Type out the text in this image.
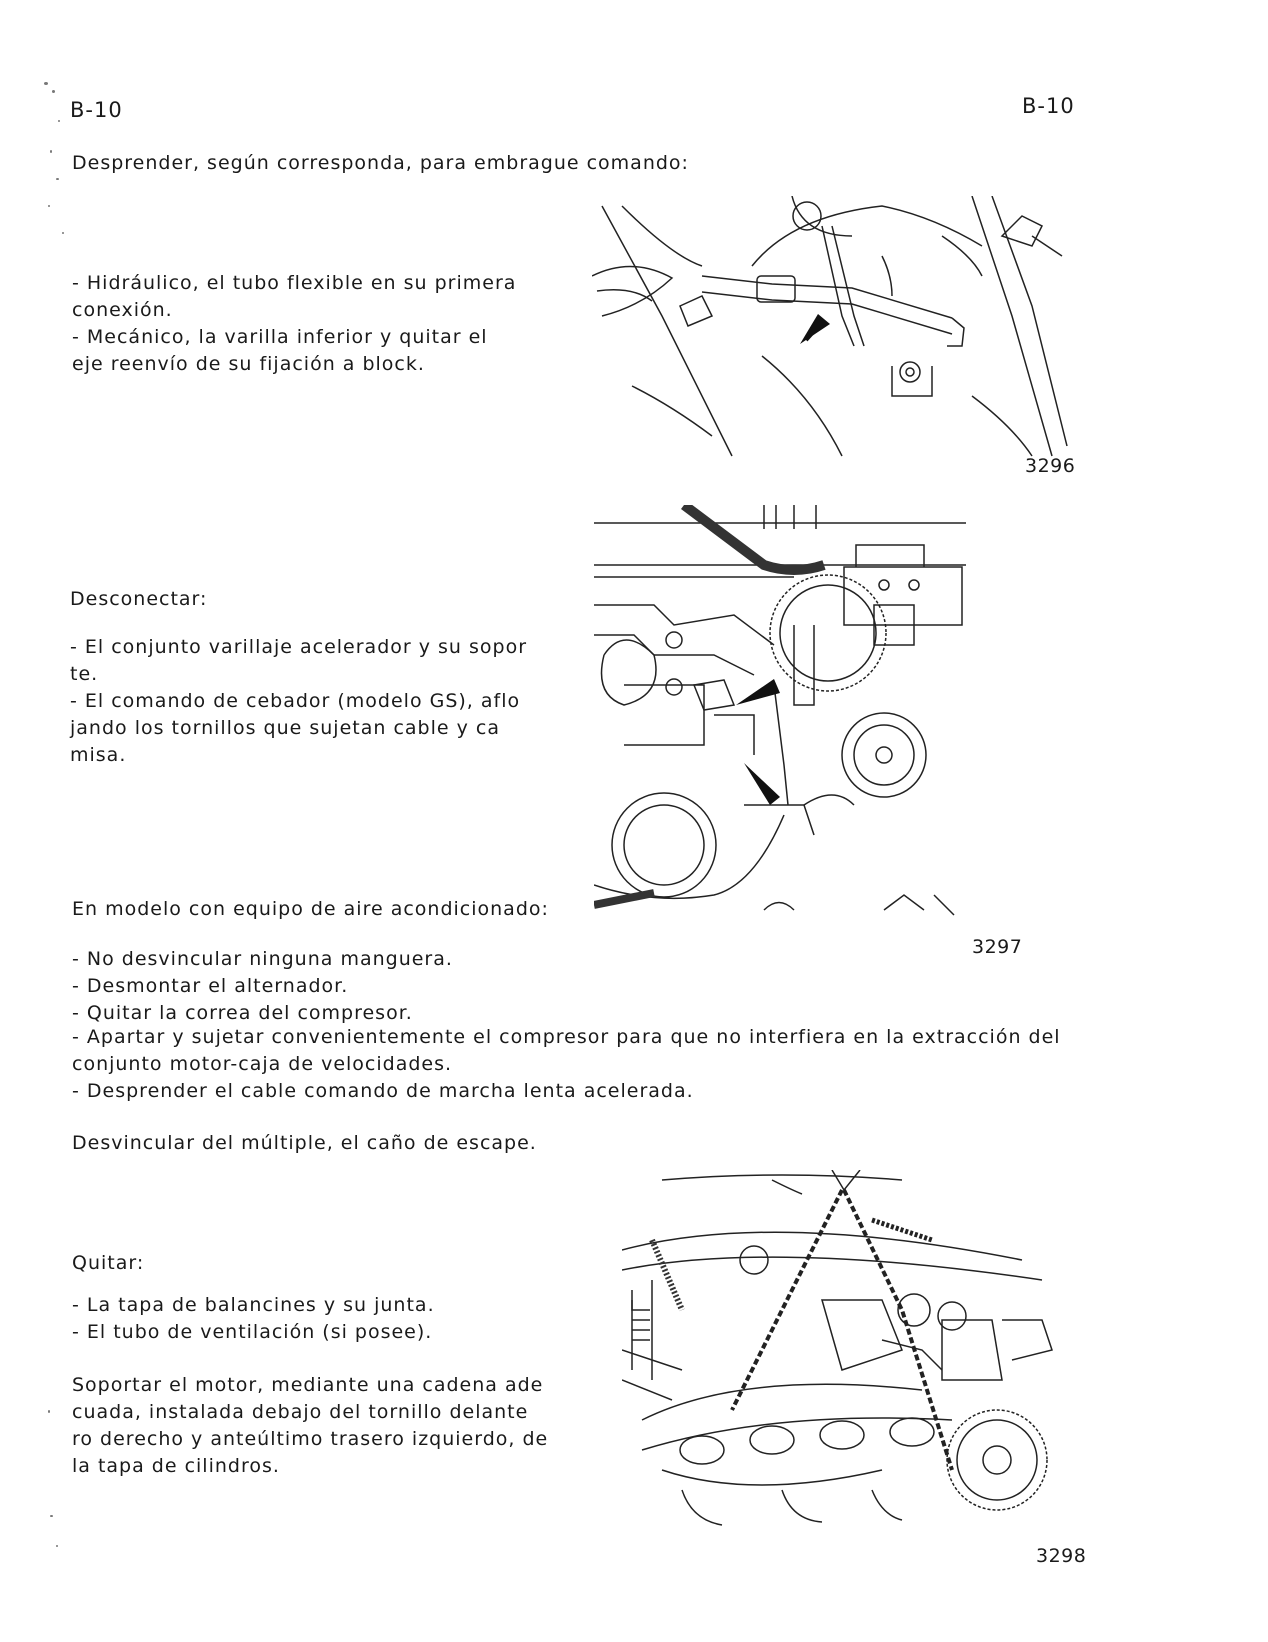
B-10	B-10
Desprender, según corresponda, para embrague comando:
- Hidráulico, el tubo flexible en su primera
conexión.
- Mecánico, la varilla inferior y quitar el
eje reenvío de su fijación a block.
3296
Desconectar:
- El conjunto varillaje acelerador y su sopor
te.
- El comando de cebador (modelo GS), aflo
jando los tornillos que sujetan cable y ca
misa.
3297
En modelo con equipo de aire acondicionado:
- No desvincular ninguna manguera.
- Desmontar el alternador.
- Quitar la correa del compresor.
- Apartar y sujetar convenientemente el compresor para que no interfiera en la extracción del
conjunto motor-caja de velocidades.
- Desprender el cable comando de marcha lenta acelerada.
Desvincular del múltiple, el caño de escape.
Quitar:
- La tapa de balancines y su junta.
- El tubo de ventilación (si posee).
Soportar el motor, mediante una cadena ade
cuada, instalada debajo del tornillo delante
ro derecho y anteúltimo trasero izquierdo, de
la tapa de cilindros.
3298
